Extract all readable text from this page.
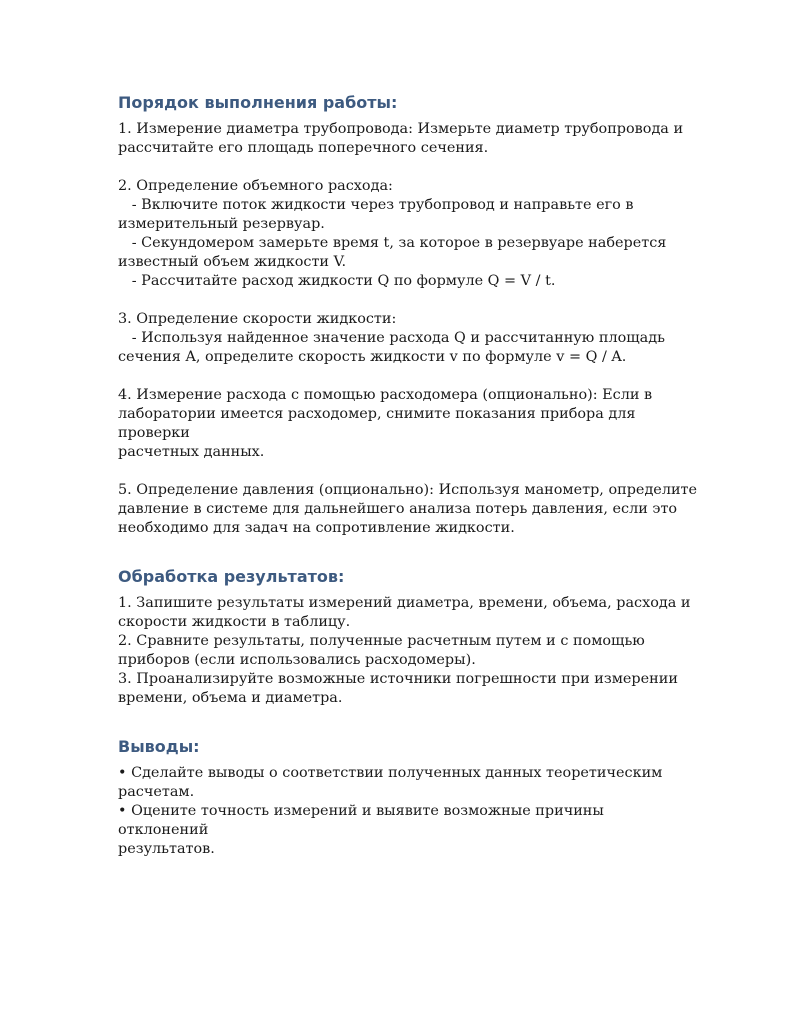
Порядок выполнения работы:

1. Измерение диаметра трубопровода: Измерьте диаметр трубопровода и
рассчитайте его площадь поперечного сечения.

2. Определение объемного расхода:
- Включите поток жидкости через трубопровод и направьте его в
измерительный резервуар.
- Секундомером замерьте время t, за которое в резервуаре наберется
известный объем жидкости V.
- Рассчитайте расход жидкости Q по формуле Q = V / t.

3. Определение скорости жидкости:
- Используя найденное значение расхода Q и рассчитанную площадь
сечения A, определите скорость жидкости v по формуле v = Q / A.

4. Измерение расхода с помощью расходомера (опционально): Если в
лаборатории имеется расходомер, снимите показания прибора для проверки
расчетных данных.

5. Определение давления (опционально): Используя манометр, определите
давление в системе для дальнейшего анализа потерь давления, если это
необходимо для задач на сопротивление жидкости.

Обработка результатов:

1. Запишите результаты измерений диаметра, времени, объема, расхода и
скорости жидкости в таблицу.
2. Сравните результаты, полученные расчетным путем и с помощью
приборов (если использовались расходомеры).
3. Проанализируйте возможные источники погрешности при измерении
времени, объема и диаметра.

Выводы:

• Сделайте выводы о соответствии полученных данных теоретическим
расчетам.
• Оцените точность измерений и выявите возможные причины отклонений
результатов.
